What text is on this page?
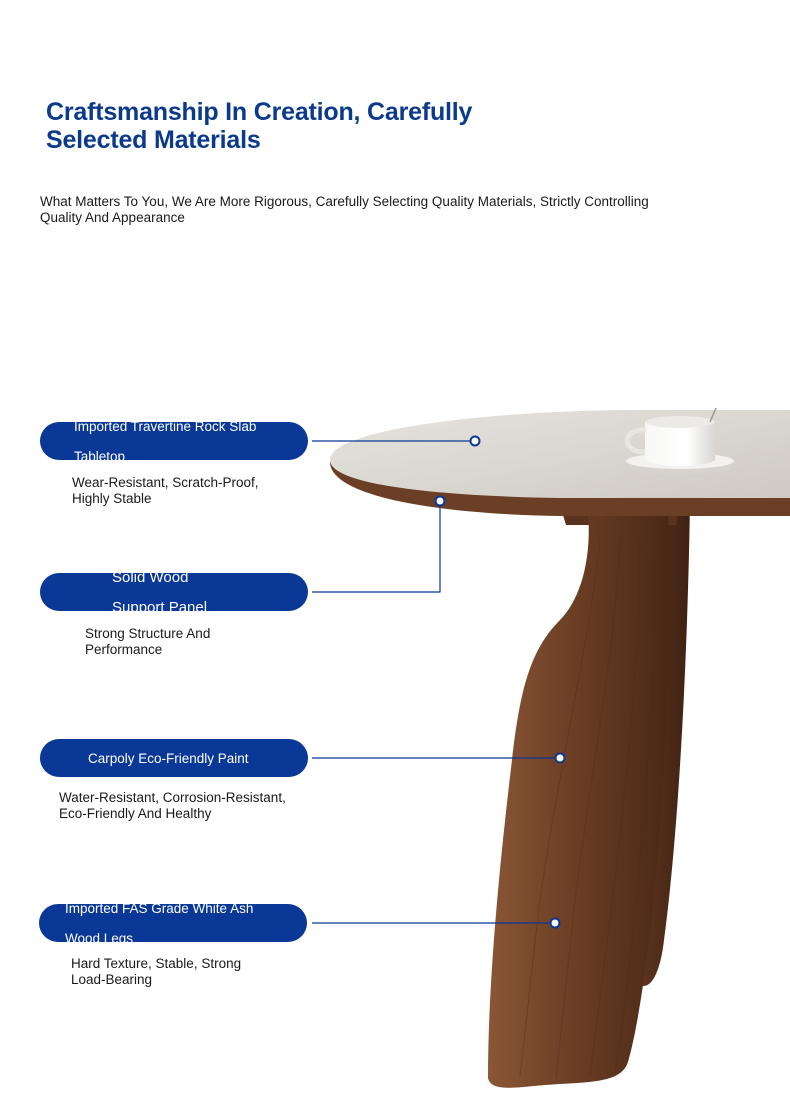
Craftsmanship In Creation, Carefully
Selected Materials

What Matters To You, We Are More Rigorous, Carefully Selecting Quality Materials, Strictly Controlling
Quality And Appearance

Imported Travertine Rock Slab

Tabletop

Wear-Resistant, Scratch-Proof,
Highly Stable

Solid Wood

Support Panel

Strong Structure And
Performance

Carpoly Eco-Friendly Paint

Water-Resistant, Corrosion-Resistant,
Eco-Friendly And Healthy

Imported FAS Grade White Ash

Wood Legs

Hard Texture, Stable, Strong
Load-Bearing
